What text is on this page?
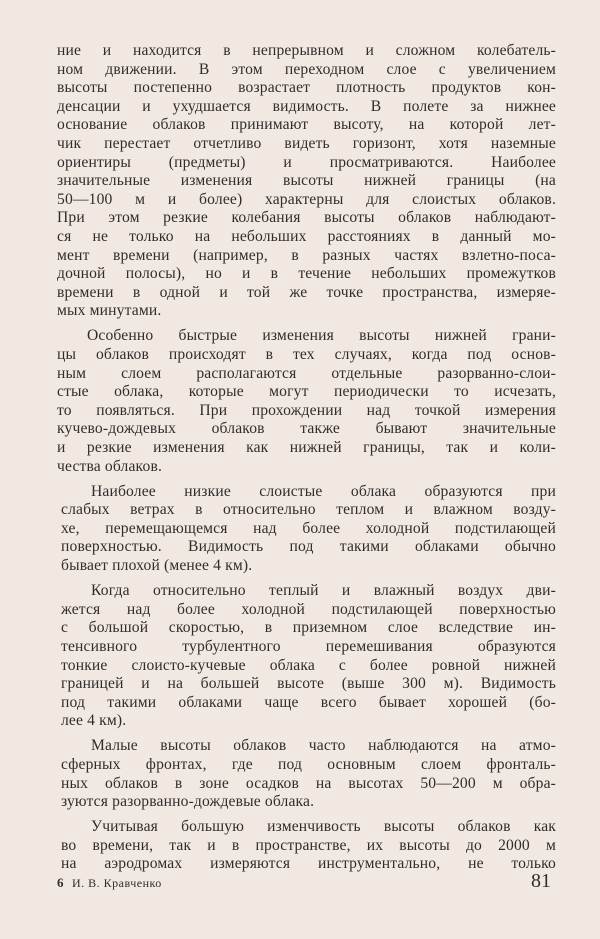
ние и находится в непрерывном и сложном колебатель-
ном движении. В этом переходном слое с увеличением
высоты постепенно возрастает плотность продуктов кон-
денсации и ухудшается видимость. В полете за нижнее
основание облаков принимают высоту, на которой лет-
чик перестает отчетливо видеть горизонт, хотя наземные
ориентиры (предметы) и просматриваются. Наиболее
значительные изменения высоты нижней границы (на
50—100 м и более) характерны для слоистых облаков.
При этом резкие колебания высоты облаков наблюдают-
ся не только на небольших расстояниях в данный мо-
мент времени (например, в разных частях взлетно-поса-
дочной полосы), но и в течение небольших промежутков
времени в одной и той же точке пространства, измеряе-
мых минутами.
Особенно быстрые изменения высоты нижней грани-
цы облаков происходят в тех случаях, когда под основ-
ным слоем располагаются отдельные разорванно-слои-
стые облака, которые могут периодически то исчезать,
то появляться. При прохождении над точкой измерения
кучево-дождевых облаков также бывают значительные
и резкие изменения как нижней границы, так и коли-
чества облаков.
Наиболее низкие слоистые облака образуются при
слабых ветрах в относительно теплом и влажном возду-
хе, перемещающемся над более холодной подстилающей
поверхностью. Видимость под такими облаками обычно
бывает плохой (менее 4 км).
Когда относительно теплый и влажный воздух дви-
жется над более холодной подстилающей поверхностью
с большой скоростью, в приземном слое вследствие ин-
тенсивного турбулентного перемешивания образуются
тонкие слоисто-кучевые облака с более ровной нижней
границей и на большей высоте (выше 300 м). Видимость
под такими облаками чаще всего бывает хорошей (бо-
лее 4 км).
Малые высоты облаков часто наблюдаются на атмо-
сферных фронтах, где под основным слоем фронталь-
ных облаков в зоне осадков на высотах 50—200 м обра-
зуются разорванно-дождевые облака.
Учитывая большую изменчивость высоты облаков как
во времени, так и в пространстве, их высоты до 2000 м
на аэродромах измеряются инструментально, не только
6 И. В. Кравченко	81
